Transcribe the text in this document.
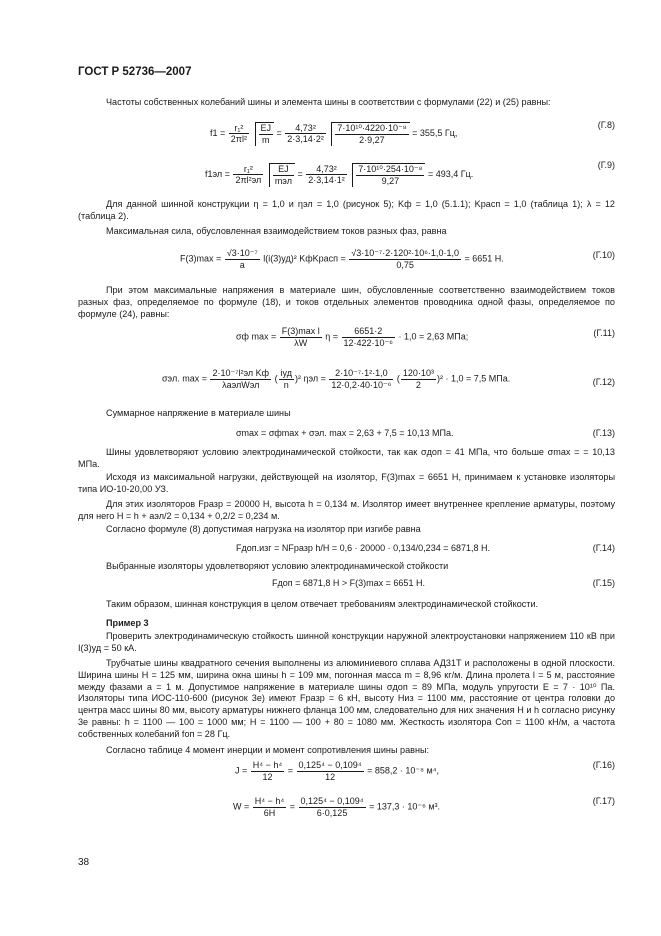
ГОСТ Р 52736—2007
Частоты собственных колебаний шины и элемента шины в соответствии с формулами (22) и (25) равны:
$f1 = \frac{\text{r₁²}}{\text{2πl²}}$
$\frac{EJ}{m} = \frac{\text{4,73²}}{\text{2·3,14·2²}}$
$\frac{\text{7·10¹⁰·4220·10⁻⁸}}{2\cdot 9,27} = 355,5$ Гц,
(Г.8)
f1эл =
r₁²
2πl²эл

EJ
mэл
= $\frac{\text{4,73²}}{\text{2·3,14·1²}}$
$\frac{\text{7·10¹⁰·254·10⁻⁸}}{9,27} = 493,4$ Гц.
(Г.9)
Для данной шинной конструкции η = 1,0 и ηэл = 1,0 (рисунок 5); Kф = 1,0 (5.1.1); Kрасп = 1,0 (таблица 1); λ = 12 (таблица 2).
Максимальная сила, обусловленная взаимодействием токов разных фаз, равна
$F(3)\max = \frac{\text{√3·10⁻⁷}}{a} l(i(3)уд)^2$ KфKрасп = $\frac{\text{√3·10⁻⁷·2·120²·10⁶·1,0·1,0}}{0,75} = 6651$ Н.	(Г.10)
При этом максимальные напряжения в материале шин, обусловленные соответственно взаимодействием токов разных фаз, определяемое по формуле (18), и токов отдельных элементов проводника одной фазы, определяемое по формуле (24), равны:
σф max =
F(3)max l
λW
$\eta = \frac{6651\cdot 2}{\text{12·422·10⁻⁶}} \cdot 1,0 = 2,63$ МПа;	(Г.11)
σэл. max =
2·10⁻⁷l²эл Kф
λaэлWэл
(
iуд
n
)² $\eta эл = \frac{\text{2·10⁻⁷·1²·1,0}}{\text{12·0,2·40·10⁻⁶}}$ ( $\frac{\text{120·10³}}{2} )^2 \cdot 1,0 = 7,5$ МПа.	(Г.12)
Суммарное напряжение в материале шины
σmax = σфmax + σэл. max = 2,63 + 7,5 = 10,13 МПа.	(Г.13)
Шины удовлетворяют условию электродинамической стойкости, так как σдоп = 41 МПа, что больше σmax = = 10,13 МПа.
Исходя из максимальной нагрузки, действующей на изолятор, F(3)max = 6651 Н, принимаем к установке изоляторы типа ИО-10-20,00 УЗ.
Для этих изоляторов Fразр = 20000 Н, высота h = 0,134 м. Изолятор имеет внутреннее крепление арматуры, поэтому для него H = h + aэл/2 = 0,134 + 0,2/2 = 0,234 м.
Согласно формуле (8) допустимая нагрузка на изолятор при изгибе равна
Fдоп.изг = NFразр h/H = 0,6 · 20000 · 0,134/0,234 = 6871,8 Н.	(Г.14)
Выбранные изоляторы удовлетворяют условию электродинамической стойкости
Fдоп = 6871,8 Н > F(3)max = 6651 Н.	(Г.15)
Таким образом, шинная конструкция в целом отвечает требованиям электродинамической стойкости.
Пример 3
Проверить электродинамическую стойкость шинной конструкции наружной электроустановки напряжением 110 кВ при I(3)уд = 50 кА.
Трубчатые шины квадратного сечения выполнены из алюминиевого сплава АД31Т и расположены в одной плоскости. Ширина шины H = 125 мм, ширина окна шины h = 109 мм, погонная масса m = 8,96 кг/м. Длина пролета l = 5 м, расстояние между фазами a = 1 м. Допустимое напряжение в материале шины σдоп = 89 МПа, модуль упругости E = 7 · 10¹⁰ Па. Изоляторы типа ИОС-110-600 (рисунок 3е) имеют Fразр = 6 кН, высоту Hиз = 1100 мм, расстояние от центра головки до центра масс шины 80 мм, высоту арматуры нижнего фланца 100 мм, следовательно для них значения H и h согласно рисунку 3е равны: h = 1100 — 100 = 1000 мм; H = 1100 — 100 + 80 = 1080 мм. Жесткость изолятора Cоп = 1100 кН/м, а частота собственных колебаний fоп = 28 Гц.
Согласно таблице 4 момент инерции и момент сопротивления шины равны:
$J = \frac{\text{H⁴ − h⁴}}{12} = \frac{\text{0,125⁴ − 0,109⁴}}{12} = 858,2 \cdot 10^{-8}$ м⁴,
(Г.16)
$W = \frac{\text{H⁴ − h⁴}}{6H} = \frac{\text{0,125⁴ − 0,109⁴}}{6\cdot 0,125} = 137,3 \cdot 10^{-6}$ м³.
(Г.17)
38
